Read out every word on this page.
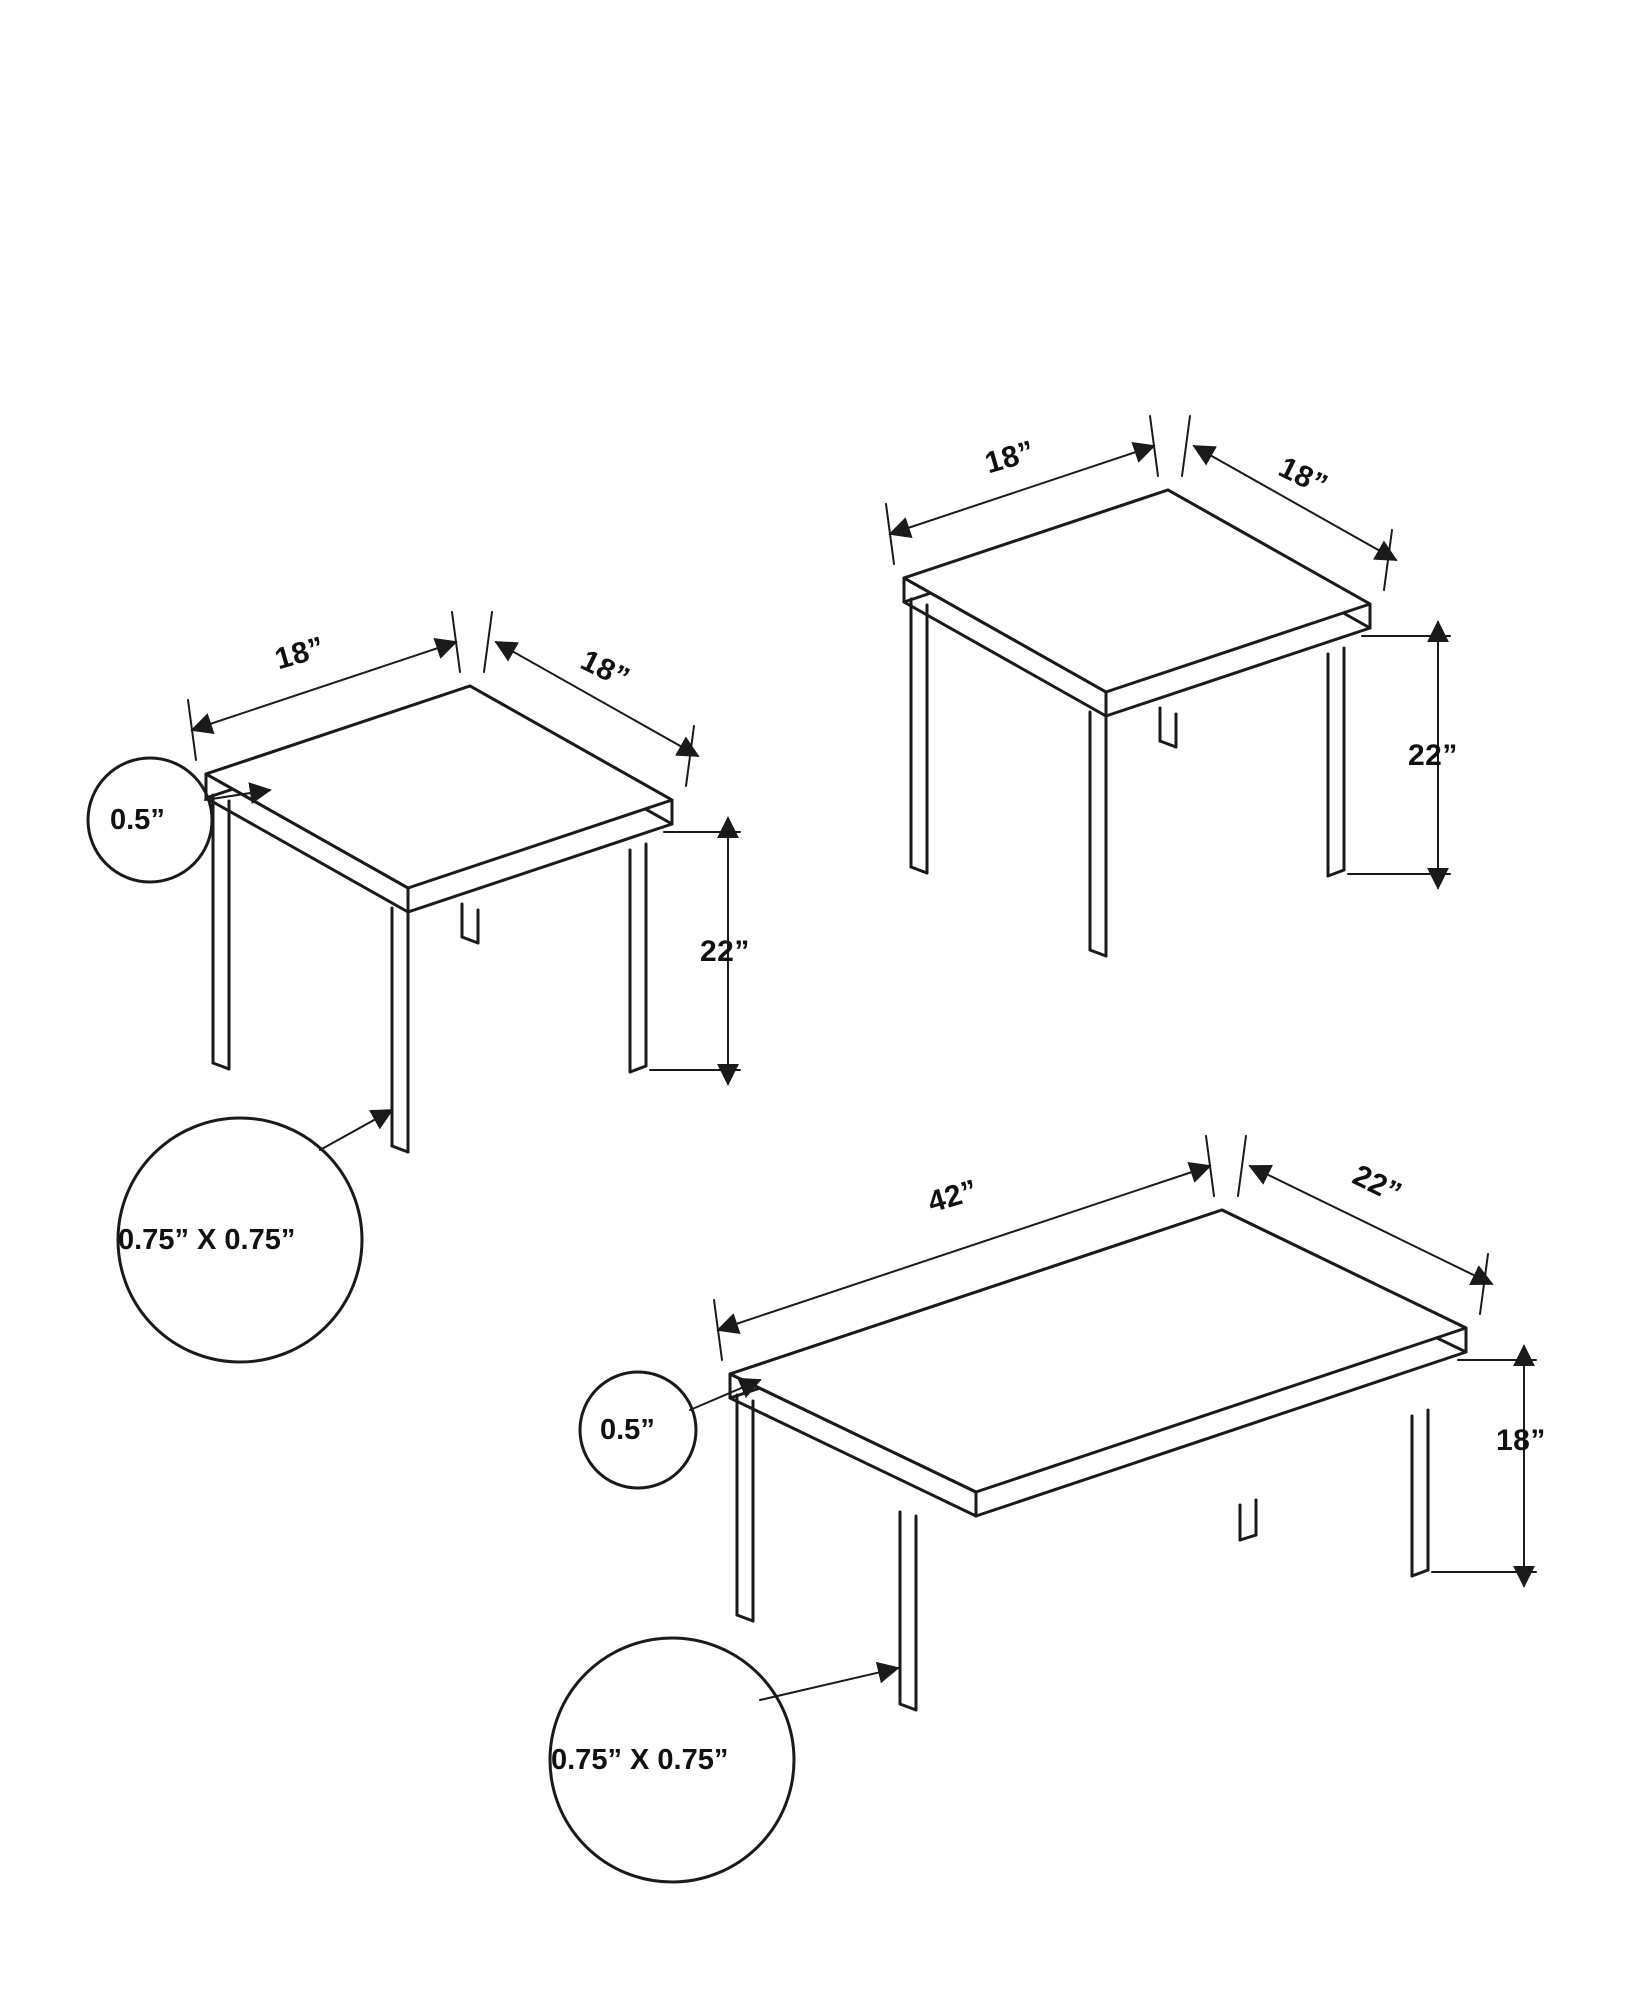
18”	18”
22”
0.5”
0.75” X 0.75”
18”	18”
22”
42”	22”
18”
0.5”
0.75” X 0.75”
